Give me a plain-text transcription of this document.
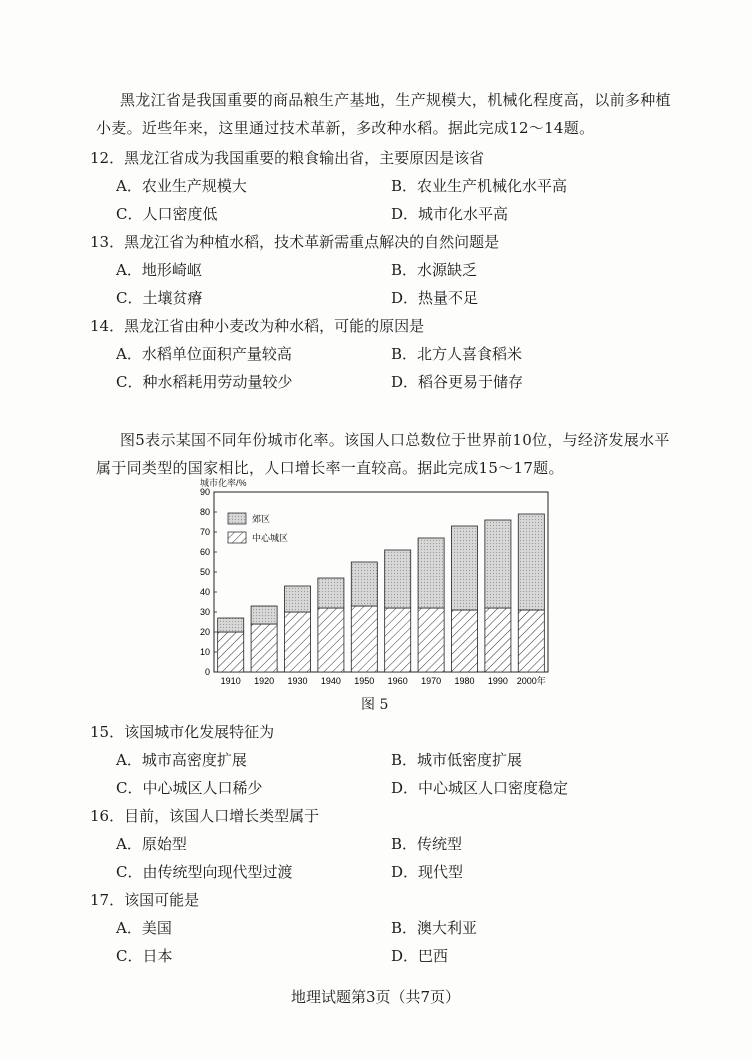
黑龙江省是我国重要的商品粮生产基地，生产规模大，机械化程度高，以前多种植小麦。近些年来，这里通过技术革新，多改种水稻。据此完成12～14题。
12．黑龙江省成为我国重要的粮食输出省，主要原因是该省
A．农业生产规模大	B．农业生产机械化水平高
C．人口密度低	D．城市化水平高
13．黑龙江省为种植水稻，技术革新需重点解决的自然问题是
A．地形崎岖	B．水源缺乏
C．土壤贫瘠	D．热量不足
14．黑龙江省由种小麦改为种水稻，可能的原因是
A．水稻单位面积产量较高	B．北方人喜食稻米
C．种水稻耗用劳动量较少	D．稻谷更易于储存
图5表示某国不同年份城市化率。该国人口总数位于世界前10位，与经济发展水平属于同类型的国家相比，人口增长率一直较高。据此完成15～17题。
城市化率/%
0
10
20
30
40
50
60
70
80
90
1910 1920 1930 1940 1950 1960 1970 1980 1990 2000年
郊区
中心城区
图 5
15．该国城市化发展特征为
A．城市高密度扩展	B．城市低密度扩展
C．中心城区人口稀少	D．中心城区人口密度稳定
16．目前，该国人口增长类型属于
A．原始型	B．传统型
C．由传统型向现代型过渡	D．现代型
17．该国可能是
A．美国	B．澳大利亚
C．日本	D．巴西
地理试题第3页（共7页）
